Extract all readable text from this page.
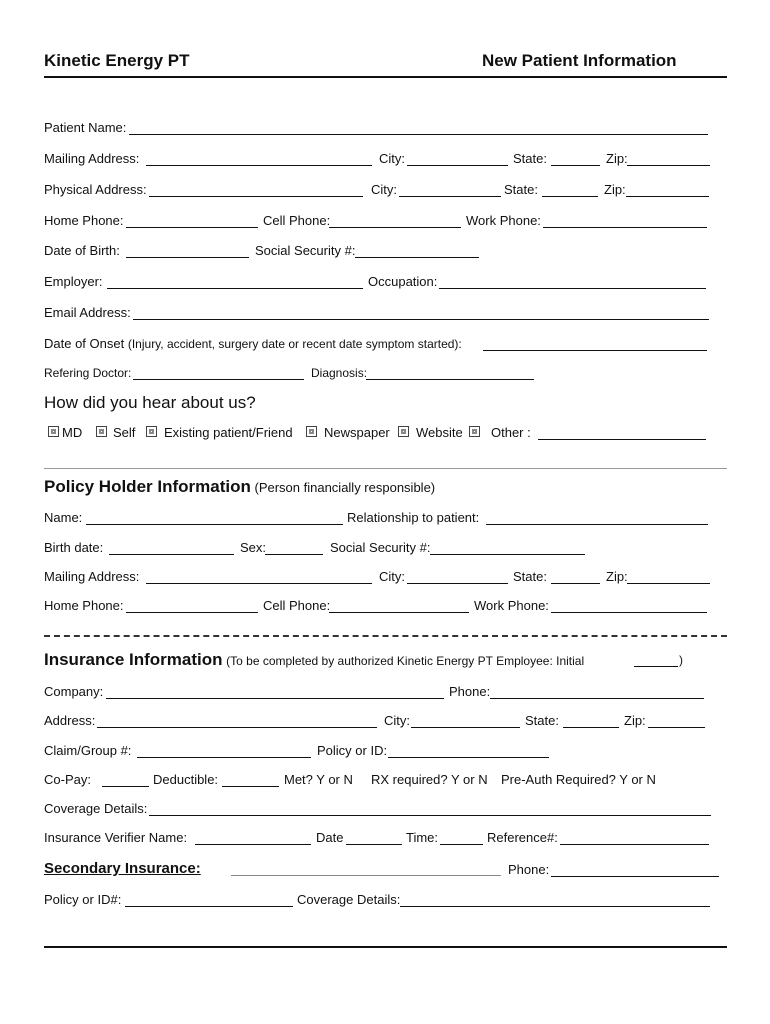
Kinetic Energy PT	New Patient Information
Patient Name:
Mailing Address:	City:	State:	Zip:
Physical Address:	City:	State:	Zip:
Home Phone:	Cell Phone:	Work Phone:
Date of Birth:	Social Security #:
Employer:	Occupation:
Email Address:
Date of Onset (Injury, accident, surgery date or recent date symptom started):
Refering Doctor:	Diagnosis:
How did you hear about us?
MD Self Existing patient/Friend Newspaper Website Other :
Policy Holder Information (Person financially responsible)
Name:	Relationship to patient:
Birth date:	Sex:	Social Security #:
Mailing Address:	City:	State:	Zip:
Home Phone:	Cell Phone:	Work Phone:
Insurance Information (To be completed by authorized Kinetic Energy PT Employee: Initial	)
Company:	Phone:
Address:	City:	State:	Zip:
Claim/Group #:	Policy or ID:
Co-Pay:	Deductible:	Met? Y or N RX required? Y or N Pre-Auth Required? Y or N
Coverage Details:
Insurance Verifier Name:	Date	Time:	Reference#:
Secondary Insurance:	Phone:
Policy or ID#:	Coverage Details:
